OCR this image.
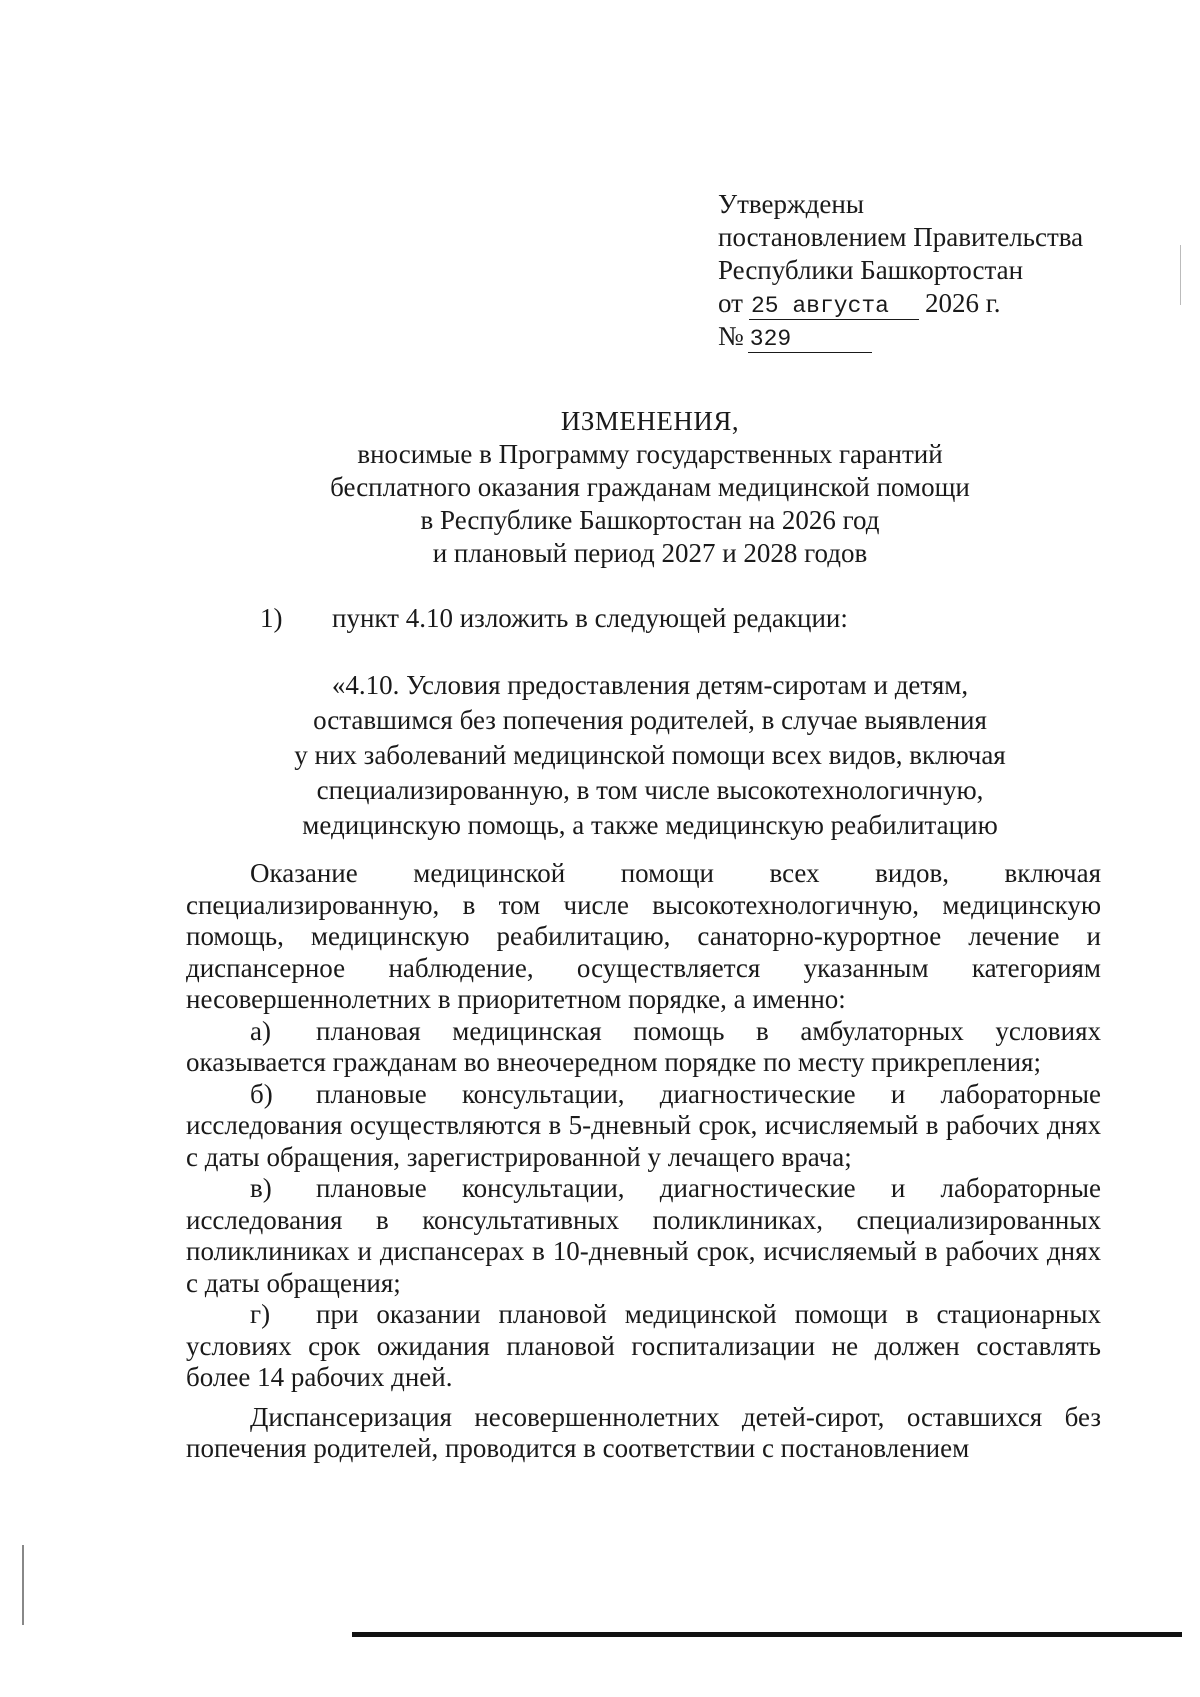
Утверждены
постановлением Правительства
Республики Башкортостан
от 25 августа 2026 г.
№ 329
ИЗМЕНЕНИЯ,
вносимые в Программу государственных гарантий
бесплатного оказания гражданам медицинской помощи
в Республике Башкортостан на 2026 год
и плановый период 2027 и 2028 годов
1) пункт 4.10 изложить в следующей редакции:
«4.10. Условия предоставления детям-сиротам и детям,
оставшимся без попечения родителей, в случае выявления
у них заболеваний медицинской помощи всех видов, включая
специализированную, в том числе высокотехнологичную,
медицинскую помощь, а также медицинскую реабилитацию

Оказание медицинской помощи всех видов, включая специализированную, в том числе высокотехнологичную, медицинскую помощь, медицинскую реабилитацию, санаторно-курортное лечение и диспансерное наблюдение, осуществляется указанным категориям несовершеннолетних в приоритетном порядке, а именно:

а) плановая медицинская помощь в амбулаторных условиях оказывается гражданам во внеочередном порядке по месту прикрепления;

б) плановые консультации, диагностические и лабораторные исследования осуществляются в 5-дневный срок, исчисляемый в рабочих днях с даты обращения, зарегистрированной у лечащего врача;

в) плановые консультации, диагностические и лабораторные исследования в консультативных поликлиниках, специализированных поликлиниках и диспансерах в 10-дневный срок, исчисляемый в рабочих днях с даты обращения;

г) при оказании плановой медицинской помощи в стационарных условиях срок ожидания плановой госпитализации не должен составлять более 14 рабочих дней.

Диспансеризация несовершеннолетних детей-сирот, оставшихся без попечения родителей, проводится в соответствии с постановлением
